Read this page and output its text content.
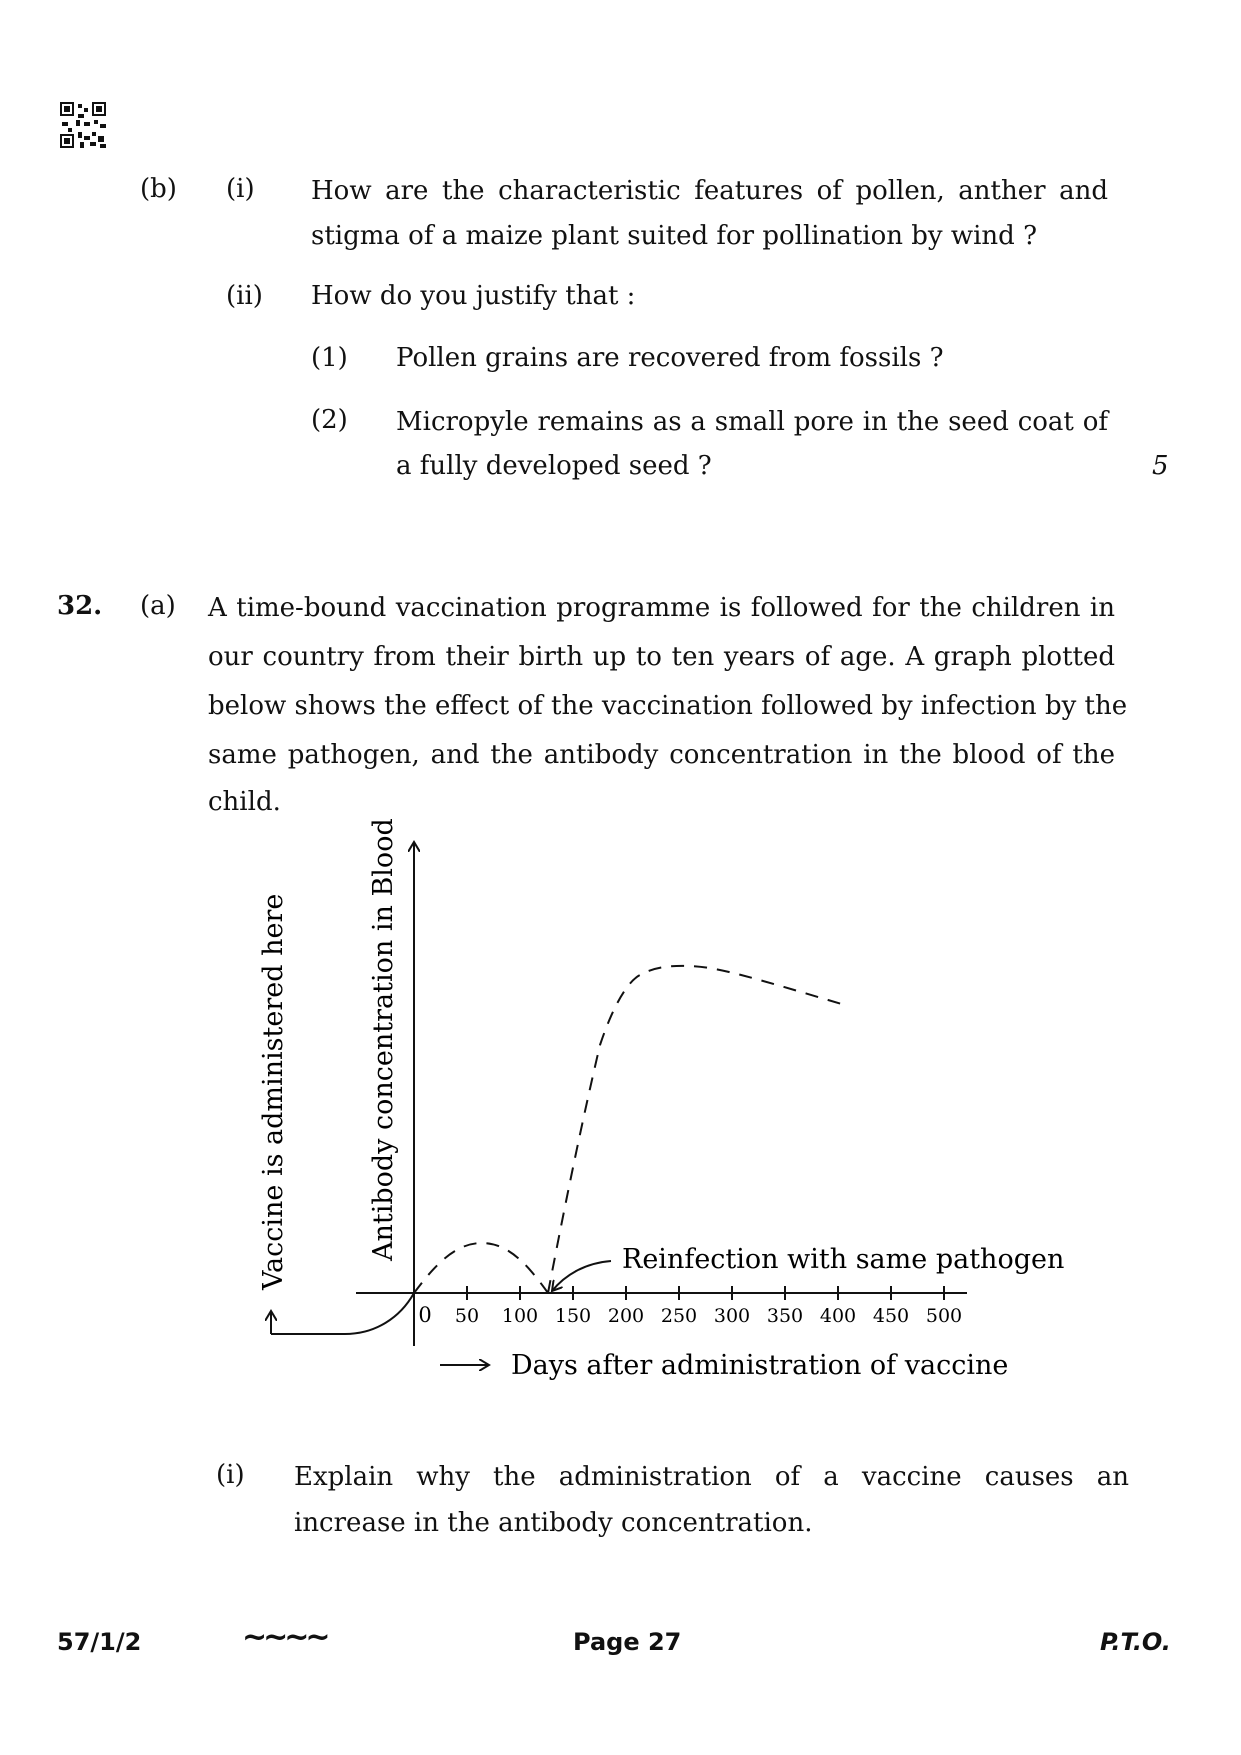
(b) (i) How are the characteristic features of pollen, anther and
stigma of a maize plant suited for pollination by wind ?
(ii) How do you justify that :
(1) Pollen grains are recovered from fossils ?
(2) Micropyle remains as a small pore in the seed coat of
a fully developed seed ?	5
32. (a) A time-bound vaccination programme is followed for the children in
our country from their birth up to ten years of age. A graph plotted
below shows the effect of the vaccination followed by infection by the
same pathogen, and the antibody concentration in the blood of the
child.
0 50 100 150 200 250 300 350 400 450 500
Antibody concentration in Blood
Vaccine is administered here	Reinfection with same pathogen
Days after administration of vaccine
(i) Explain why the administration of a vaccine causes an
increase in the antibody concentration.
57/1/2	~~~~	Page 27	P.T.O.
